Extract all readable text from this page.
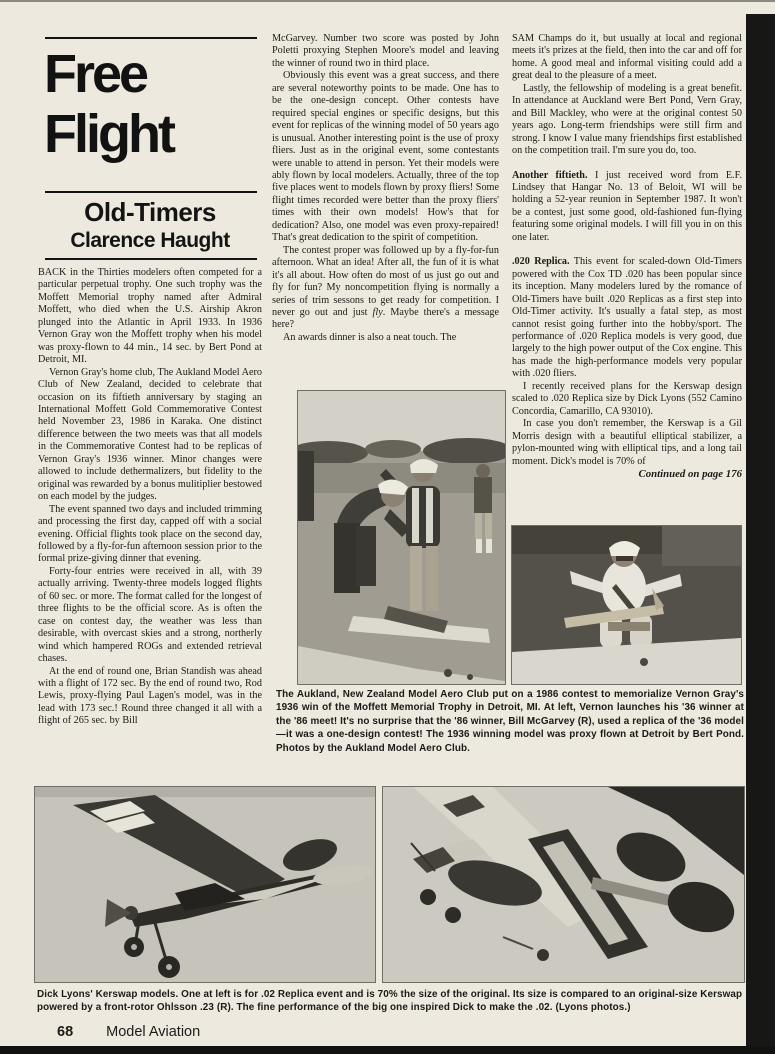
Free
Flight
Old-Timers
Clarence Haught

BACK in the Thirties modelers often competed for a particular perpetual trophy. One such trophy was the Moffett Memorial trophy named after Admiral Moffett, who died when the U.S. Airship Akron plunged into the Atlantic in April 1933. In 1936 Vernon Gray won the Moffett trophy when his model was proxy-flown to 44 min., 14 sec. by Bert Pond at Detroit, MI.

Vernon Gray's home club, The Aukland Model Aero Club of New Zealand, decided to celebrate that occasion on its fiftieth anniversary by staging an International Moffett Gold Commemorative Contest held November 23, 1986 in Karaka. One distinct difference between the two meets was that all models in the Commemorative Contest had to be replicas of Vernon Gray's 1936 winner. Minor changes were allowed to include dethermalizers, but fidelity to the original was rewarded by a bonus mulitiplier bestowed on each model by the judges.

The event spanned two days and included trimming and processing the first day, capped off with a social evening. Official flights took place on the second day, followed by a fly-for-fun afternoon session prior to the formal prize-giving dinner that evening.

Forty-four entries were received in all, with 39 actually arriving. Twenty-three models logged flights of 60 sec. or more. The format called for the longest of three flights to be the official score. As is often the case on contest day, the weather was less than desirable, with overcast skies and a strong, northerly wind which hampered ROGs and extended retrieval chases.

At the end of round one, Brian Standish was ahead with a flight of 172 sec. By the end of round two, Rod Lewis, proxy-flying Paul Lagen's model, was in the lead with 173 sec.! Round three changed it all with a flight of 265 sec. by Bill

McGarvey. Number two score was posted by John Poletti proxying Stephen Moore's model and leaving the winner of round two in third place.

Obviously this event was a great success, and there are several noteworthy points to be made. One has to be the one-design concept. Other contests have required special engines or specific designs, but this event for replicas of the winning model of 50 years ago is unusual. Another interesting point is the use of proxy fliers. Just as in the original event, some contestants were unable to attend in person. Yet their models were ably flown by local modelers. Actually, three of the top five places went to models flown by proxy fliers! Some flight times recorded were better than the proxy fliers' times with their own models! How's that for dedication? Also, one model was even proxy-repaired! That's great dedication to the spirit of competition.

The contest proper was followed up by a fly-for-fun afternoon. What an idea! After all, the fun of it is what it's all about. How often do most of us just go out and fly for fun? My noncompetition flying is normally a series of trim sessons to get ready for competition. I never go out and just fly. Maybe there's a message here?

An awards dinner is also a neat touch. The

SAM Champs do it, but usually at local and regional meets it's prizes at the field, then into the car and off for home. A good meal and informal visiting could add a great deal to the pleasure of a meet.

Lastly, the fellowship of modeling is a great benefit. In attendance at Auckland were Bert Pond, Vern Gray, and Bill Mackley, who were at the original contest 50 years ago. Long-term friendships were still firm and strong. I know I value many friendships first established on the competition trail. I'm sure you do, too.

Another fiftieth. I just received word from E.F. Lindsey that Hangar No. 13 of Beloit, WI will be holding a 52-year reunion in September 1987. It won't be a contest, just some good, old-fashioned fun-flying featuring some original models. I will fill you in on this one later.

.020 Replica. This event for scaled-down Old-Timers powered with the Cox TD .020 has been popular since its inception. Many modelers lured by the romance of Old-Timers have built .020 Replicas as a first step into Old-Timer activity. It's usually a fatal step, as most cannot resist going further into the hobby/sport. The performance of .020 Replica models is very good, due largely to the high power output of the Cox engine. This has made the high-performance models very popular with .020 fliers.

I recently received plans for the Kerswap design scaled to .020 Replica size by Dick Lyons (552 Camino Concordia, Camarillo, CA 93010).

In case you don't remember, the Kerswap is a Gil Morris design with a beautiful elliptical stabilizer, a pylon-mounted wing with elliptical tips, and a long tail moment. Dick's model is 70% of

Continued on page 176

The Aukland, New Zealand Model Aero Club put on a 1986 contest to memorialize Vernon Gray's 1936 win of the Moffett Memorial Trophy in Detroit, MI. At left, Vernon launches his '36 winner at the '86 meet! It's no surprise that the '86 winner, Bill McGarvey (R), used a replica of the '36 model—it was a one-design contest! The 1936 winning model was proxy flown at Detroit by Bert Pond. Photos by the Aukland Model Aero Club.
Dick Lyons' Kerswap models. One at left is for .02 Replica event and is 70% the size of the original. Its size is compared to an original-size Kerswap powered by a front-rotor Ohlsson .23 (R). The fine performance of the big one inspired Dick to make the .02. (Lyons photos.)
68 Model Aviation
